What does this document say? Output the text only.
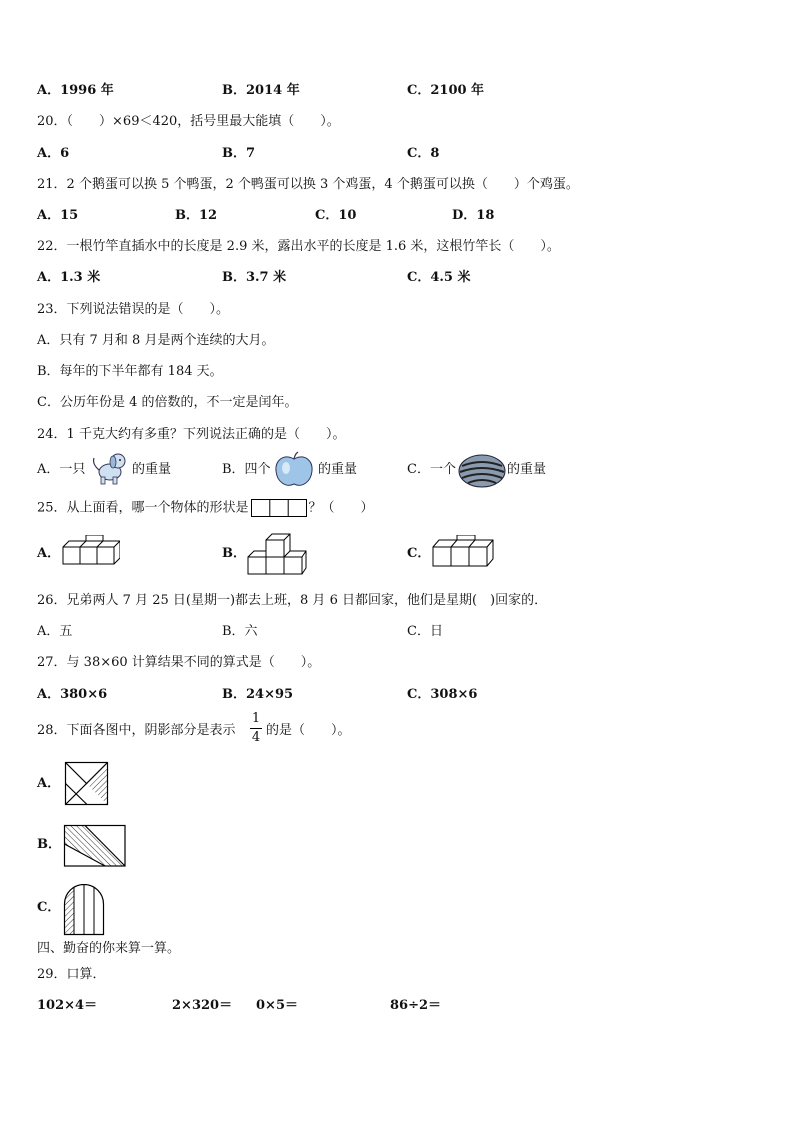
A．1996 年	B．2014 年	C．2100 年
20．（　　）×69＜420，括号里最大能填（　　）。
A．6	B．7	C．8
21．2 个鹅蛋可以换 5 个鸭蛋，2 个鸭蛋可以换 3 个鸡蛋，4 个鹅蛋可以换（　　）个鸡蛋。
A．15	B．12	C．10	D．18
22．一根竹竿直插水中的长度是 2.9 米，露出水平的长度是 1.6 米，这根竹竿长（　　）。
A．1.3 米	B．3.7 米	C．4.5 米
23．下列说法错误的是（　　）。
A．只有 7 月和 8 月是两个连续的大月。
B．每年的下半年都有 184 天。
C．公历年份是 4 的倍数的，不一定是闰年。
24．1 千克大约有多重？下列说法正确的是（　　）。
A．一只	的重量	B．四个	的重量	C．一个	的重量
25．从上面看，哪一个物体的形状是	？（　　）
A．	B．	C．
26．兄弟两人 7 月 25 日(星期一)都去上班，8 月 6 日都回家，他们是星期(　)回家的．
A．五	B．六	C．日
27．与 38×60 计算结果不同的算式是（　　）。
A．380×6	B．24×95	C．308×6
28．下面各图中，阴影部分是表示
1
4 的是（　　）。
A．
B．
C．
四、勤奋的你来算一算。
29．口算．
102×4＝	2×320＝ 0×5＝	86÷2＝
